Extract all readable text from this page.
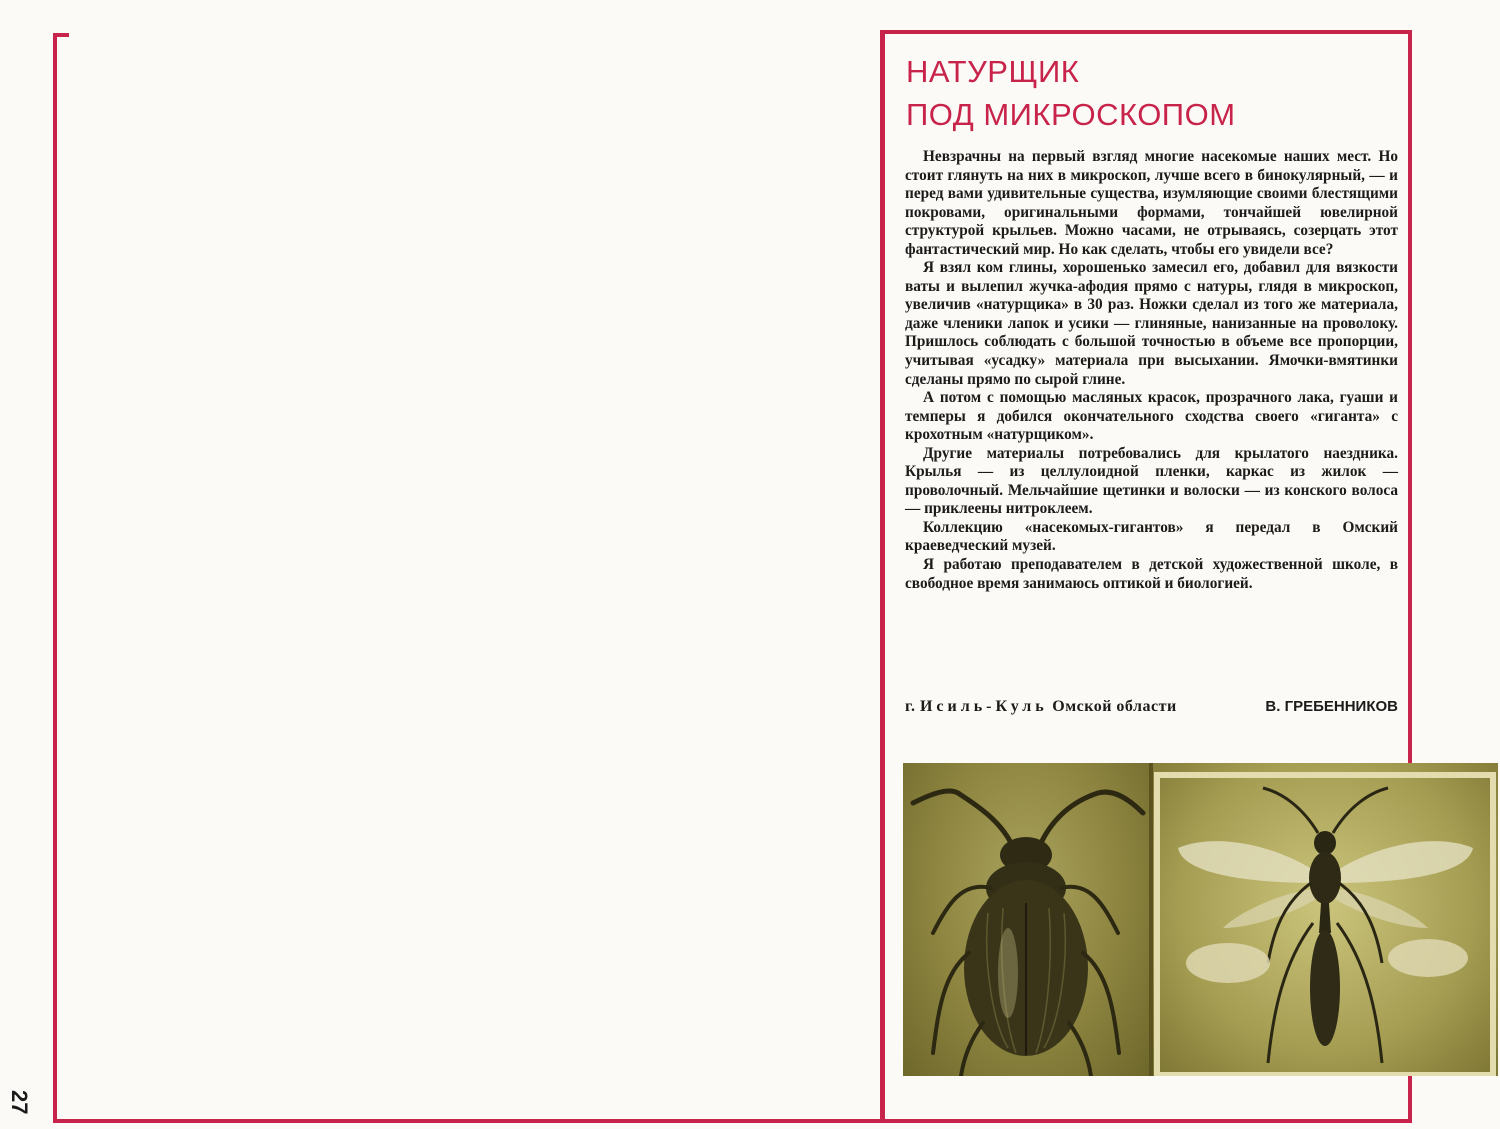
27
НАТУРЩИК
ПОД МИКРОСКОПОМ

Невзрачны на первый взгляд многие насекомые наших мест. Но стоит глянуть на них в микроскоп, лучше всего в бинокулярный, — и перед вами удивительные существа, изумляющие своими блестящими покровами, оригинальными формами, тончайшей ювелирной структурой крыльев. Можно часами, не отрываясь, созерцать этот фантастический мир. Но как сделать, чтобы его увидели все?

Я взял ком глины, хорошенько замесил его, добавил для вязкости ваты и вылепил жучка-афодия прямо с натуры, глядя в микроскоп, увеличив «натурщика» в 30 раз. Ножки сделал из того же материала, даже членики лапок и усики — глиняные, нанизанные на проволоку. Пришлось соблюдать с большой точностью в объеме все пропорции, учитывая «усадку» материала при высыхании. Ямочки-вмятинки сделаны прямо по сырой глине.

А потом с помощью масляных красок, прозрачного лака, гуаши и темперы я добился окончательного сходства своего «гиганта» с крохотным «натурщиком».

Другие материалы потребовались для крылатого наездника. Крылья — из целлулоидной пленки, каркас из жилок — проволочный. Мельчайшие щетинки и волоски — из конского волоса — приклеены нитроклеем.

Коллекцию «насекомых-гигантов» я передал в Омский краеведческий музей.

Я работаю преподавателем в детской художественной школе, в свободное время занимаюсь оптикой и биологией.

г. Исиль-Куль Омской области	В. ГРЕБЕННИКОВ
